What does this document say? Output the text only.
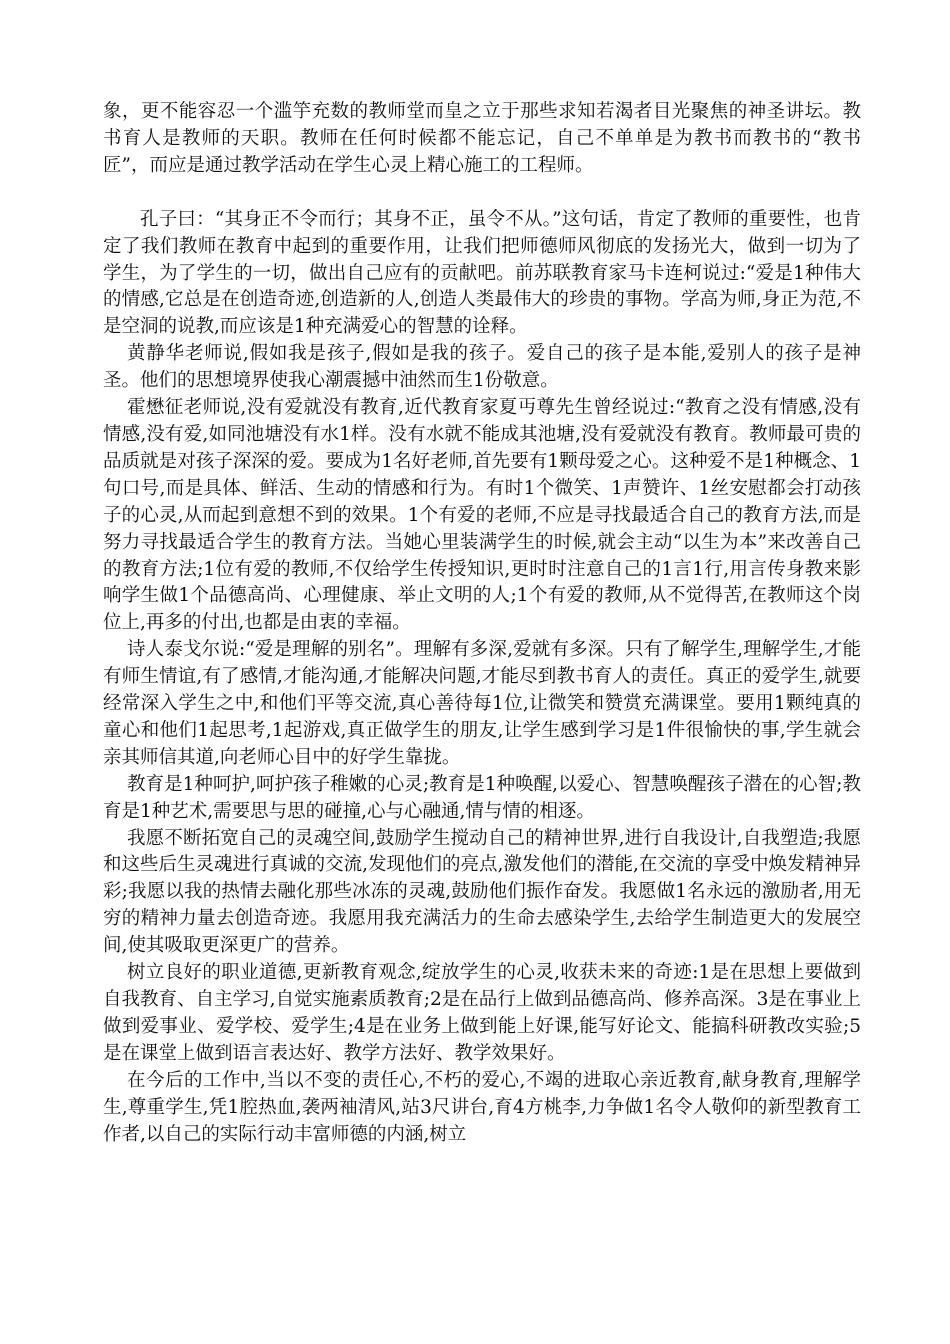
象，更不能容忍一个滥竽充数的教师堂而皇之立于那些求知若渴者目光聚焦的神圣讲坛。教书育人是教师的天职。教师在任何时候都不能忘记，自己不单单是为教书而教书的“教书匠”，而应是通过教学活动在学生心灵上精心施工的工程师。

孔子曰：“其身正不令而行；其身不正，虽令不从。”这句话，肯定了教师的重要性，也肯定了我们教师在教育中起到的重要作用，让我们把师德师风彻底的发扬光大，做到一切为了学生，为了学生的一切，做出自己应有的贡献吧。前苏联教育家马卡连柯说过:“爱是1种伟大的情感,它总是在创造奇迹,创造新的人,创造人类最伟大的珍贵的事物。学高为师,身正为范,不是空洞的说教,而应该是1种充满爱心的智慧的诠释。

黄静华老师说,假如我是孩子,假如是我的孩子。爱自己的孩子是本能,爱别人的孩子是神圣。他们的思想境界使我心潮震撼中油然而生1份敬意。

霍懋征老师说,没有爱就没有教育,近代教育家夏丏尊先生曾经说过:“教育之没有情感,没有情感,没有爱,如同池塘没有水1样。没有水就不能成其池塘,没有爱就没有教育。教师最可贵的品质就是对孩子深深的爱。要成为1名好老师,首先要有1颗母爱之心。这种爱不是1种概念、1句口号,而是具体、鲜活、生动的情感和行为。有时1个微笑、1声赞许、1丝安慰都会打动孩子的心灵,从而起到意想不到的效果。1个有爱的老师,不应是寻找最适合自己的教育方法,而是努力寻找最适合学生的教育方法。当她心里装满学生的时候,就会主动“以生为本”来改善自己的教育方法;1位有爱的教师,不仅给学生传授知识,更时时注意自己的1言1行,用言传身教来影响学生做1个品德高尚、心理健康、举止文明的人;1个有爱的教师,从不觉得苦,在教师这个岗位上,再多的付出,也都是由衷的幸福。

诗人泰戈尔说:“爱是理解的别名”。理解有多深,爱就有多深。只有了解学生,理解学生,才能有师生情谊,有了感情,才能沟通,才能解决问题,才能尽到教书育人的责任。真正的爱学生,就要经常深入学生之中,和他们平等交流,真心善待每1位,让微笑和赞赏充满课堂。要用1颗纯真的童心和他们1起思考,1起游戏,真正做学生的朋友,让学生感到学习是1件很愉快的事,学生就会亲其师信其道,向老师心目中的好学生靠拢。

教育是1种呵护,呵护孩子稚嫩的心灵;教育是1种唤醒,以爱心、智慧唤醒孩子潜在的心智;教育是1种艺术,需要思与思的碰撞,心与心融通,情与情的相逐。

我愿不断拓宽自己的灵魂空间,鼓励学生搅动自己的精神世界,进行自我设计,自我塑造;我愿和这些后生灵魂进行真诚的交流,发现他们的亮点,激发他们的潜能,在交流的享受中焕发精神异彩;我愿以我的热情去融化那些冰冻的灵魂,鼓励他们振作奋发。我愿做1名永远的激励者,用无穷的精神力量去创造奇迹。我愿用我充满活力的生命去感染学生,去给学生制造更大的发展空间,使其吸取更深更广的营养。

树立良好的职业道德,更新教育观念,绽放学生的心灵,收获未来的奇迹:1是在思想上要做到自我教育、自主学习,自觉实施素质教育;2是在品行上做到品德高尚、修养高深。3是在事业上做到爱事业、爱学校、爱学生;4是在业务上做到能上好课,能写好论文、能搞科研教改实验;5是在课堂上做到语言表达好、教学方法好、教学效果好。

在今后的工作中,当以不变的责任心,不朽的爱心,不竭的进取心亲近教育,献身教育,理解学生,尊重学生,凭1腔热血,袭两袖清风,站3尺讲台,育4方桃李,力争做1名令人敬仰的新型教育工作者,以自己的实际行动丰富师德的内涵,树立
